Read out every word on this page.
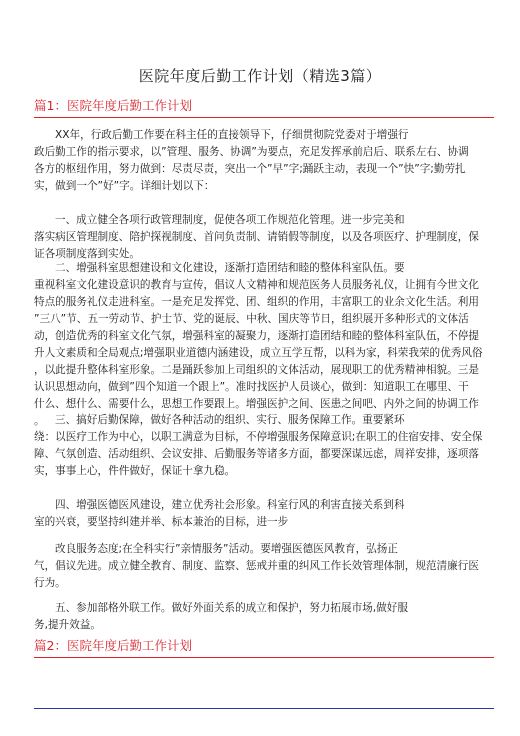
医院年度后勤工作计划（精选3篇）
篇1：医院年度后勤工作计划
XX年，行政后勤工作要在科主任的直接领导下，仔细贯彻院党委对于增强行
政后勤工作的指示要求，以”管理、服务、协调”为要点，充足发挥承前启后、联系左右、协调
各方的枢纽作用，努力做到：尽责尽责，突出一个”早”字;踊跃主动，表现一个”快”字;勤劳扎
实，做到一个”好”字。详细计划以下：
一、成立健全各项行政管理制度，促使各项工作规范化管理。进一步完美和
落实病区管理制度、陪护探视制度、首问负责制、请销假等制度，以及各项医疗、护理制度，保
证各项制度落到实处。
二、增强科室思想建设和文化建设，逐渐打造团结和睦的整体科室队伍。要
重视科室文化建设意识的教育与宣传，倡议人文精神和规范医务人员服务礼仪，让拥有今世文化
特点的服务礼仪走进科室。一是充足发挥党、团、组织的作用，丰富职工的业余文化生活。利用
”三八”节、五一劳动节、护士节、党的诞辰、中秋、国庆等节日，组织展开多种形式的文体活
动，创造优秀的科室文化气氛，增强科室的凝聚力，逐渐打造团结和睦的整体科室队伍，不停提
升人文素质和全局观点;增强职业道德内涵建设，成立互学互帮，以科为家，科荣我荣的优秀风俗
，以此提升整体科室形象。二是踊跃参加上司组织的文体活动，展现职工的优秀精神相貌。三是
认识思想动向，做到”四个知道一个跟上”。准时找医护人员谈心，做到：知道职工在哪里、干
什么、想什么、需要什么，思想工作要跟上。增强医护之间、医患之间吧、内外之间的协调工作
。 三、搞好后勤保障，做好各种活动的组织、实行、服务保障工作。重要紧环
绕：以医疗工作为中心，以职工满意为目标，不停增强服务保障意识;在职工的住宿安排、安全保
障、气氛创造、活动组织、会议安排、后勤服务等诸多方面，都要深谋远虑，周祥安排，逐项落
实，事事上心，件件做好，保证十拿九稳。
四、增强医德医风建设，建立优秀社会形象。科室行风的利害直接关系到科
室的兴衰，要坚持纠建并举、标本兼治的目标，进一步
改良服务态度;在全科实行”亲情服务”活动。要增强医德医风教育，弘扬正
气，倡议先进。成立健全教育、制度、监察、惩戒并重的纠风工作长效管理体制，规范清廉行医
行为。
五、参加部格外联工作。做好外面关系的成立和保护，努力拓展市场,做好服
务,提升效益。
篇2：医院年度后勤工作计划
